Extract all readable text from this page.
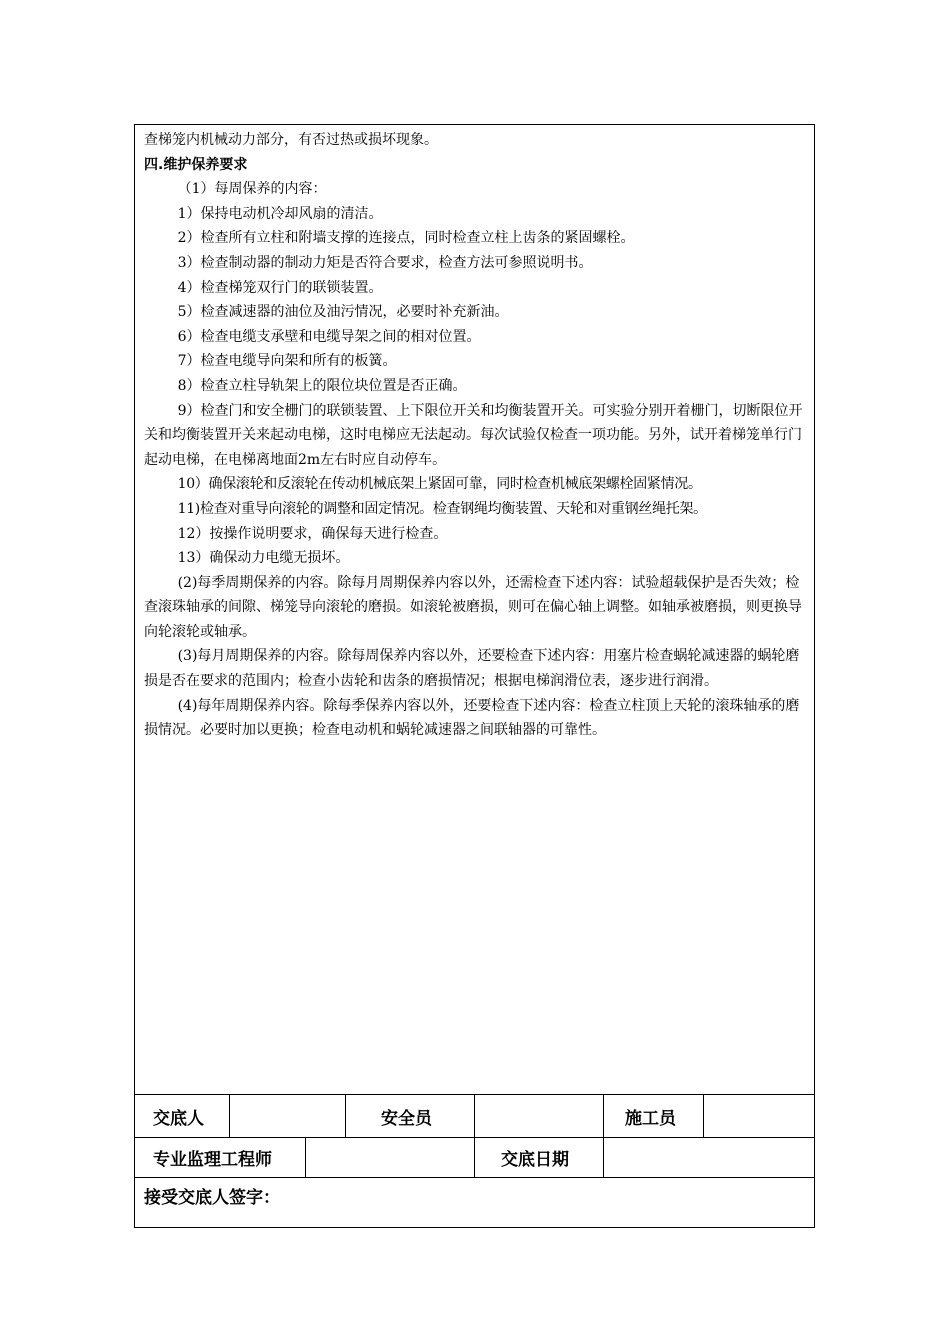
查梯笼内机械动力部分，有否过热或损坏现象。

四.维护保养要求

（1）每周保养的内容：

1）保持电动机冷却风扇的清洁。

2）检查所有立柱和附墙支撑的连接点，同时检查立柱上齿条的紧固螺栓。

3）检查制动器的制动力矩是否符合要求，检查方法可参照说明书。

4）检查梯笼双行门的联锁装置。

5）检查减速器的油位及油污情况，必要时补充新油。

6）检查电缆支承壁和电缆导架之间的相对位置。

7）检查电缆导向架和所有的板簧。

8）检查立柱导轨架上的限位块位置是否正确。

9）检查门和安全栅门的联锁装置、上下限位开关和均衡装置开关。可实验分别开着栅门，切断限位开关和均衡装置开关来起动电梯，这时电梯应无法起动。每次试验仅检查一项功能。另外，试开着梯笼单行门起动电梯，在电梯离地面2m左右时应自动停车。

10）确保滚轮和反滚轮在传动机械底架上紧固可靠，同时检查机械底架螺栓固紧情况。

11)检查对重导向滚轮的调整和固定情况。检查钢绳均衡装置、天轮和对重钢丝绳托架。

12）按操作说明要求，确保每天进行检查。

13）确保动力电缆无损坏。

(2)每季周期保养的内容。除每月周期保养内容以外，还需检查下述内容：试验超载保护是否失效；检查滚珠轴承的间隙、梯笼导向滚轮的磨损。如滚轮被磨损，则可在偏心轴上调整。如轴承被磨损，则更换导向轮滚轮或轴承。

(3)每月周期保养的内容。除每周保养内容以外，还要检查下述内容：用塞片检查蜗轮减速器的蜗轮磨损是否在要求的范围内；检查小齿轮和齿条的磨损情况；根据电梯润滑位表，逐步进行润滑。

(4)每年周期保养内容。除每季保养内容以外，还要检查下述内容：检查立柱顶上天轮的滚珠轴承的磨损情况。必要时加以更换；检查电动机和蜗轮减速器之间联轴器的可靠性。

交底人	安全员	施工员
专业监理工程师	交底日期
接受交底人签字：
